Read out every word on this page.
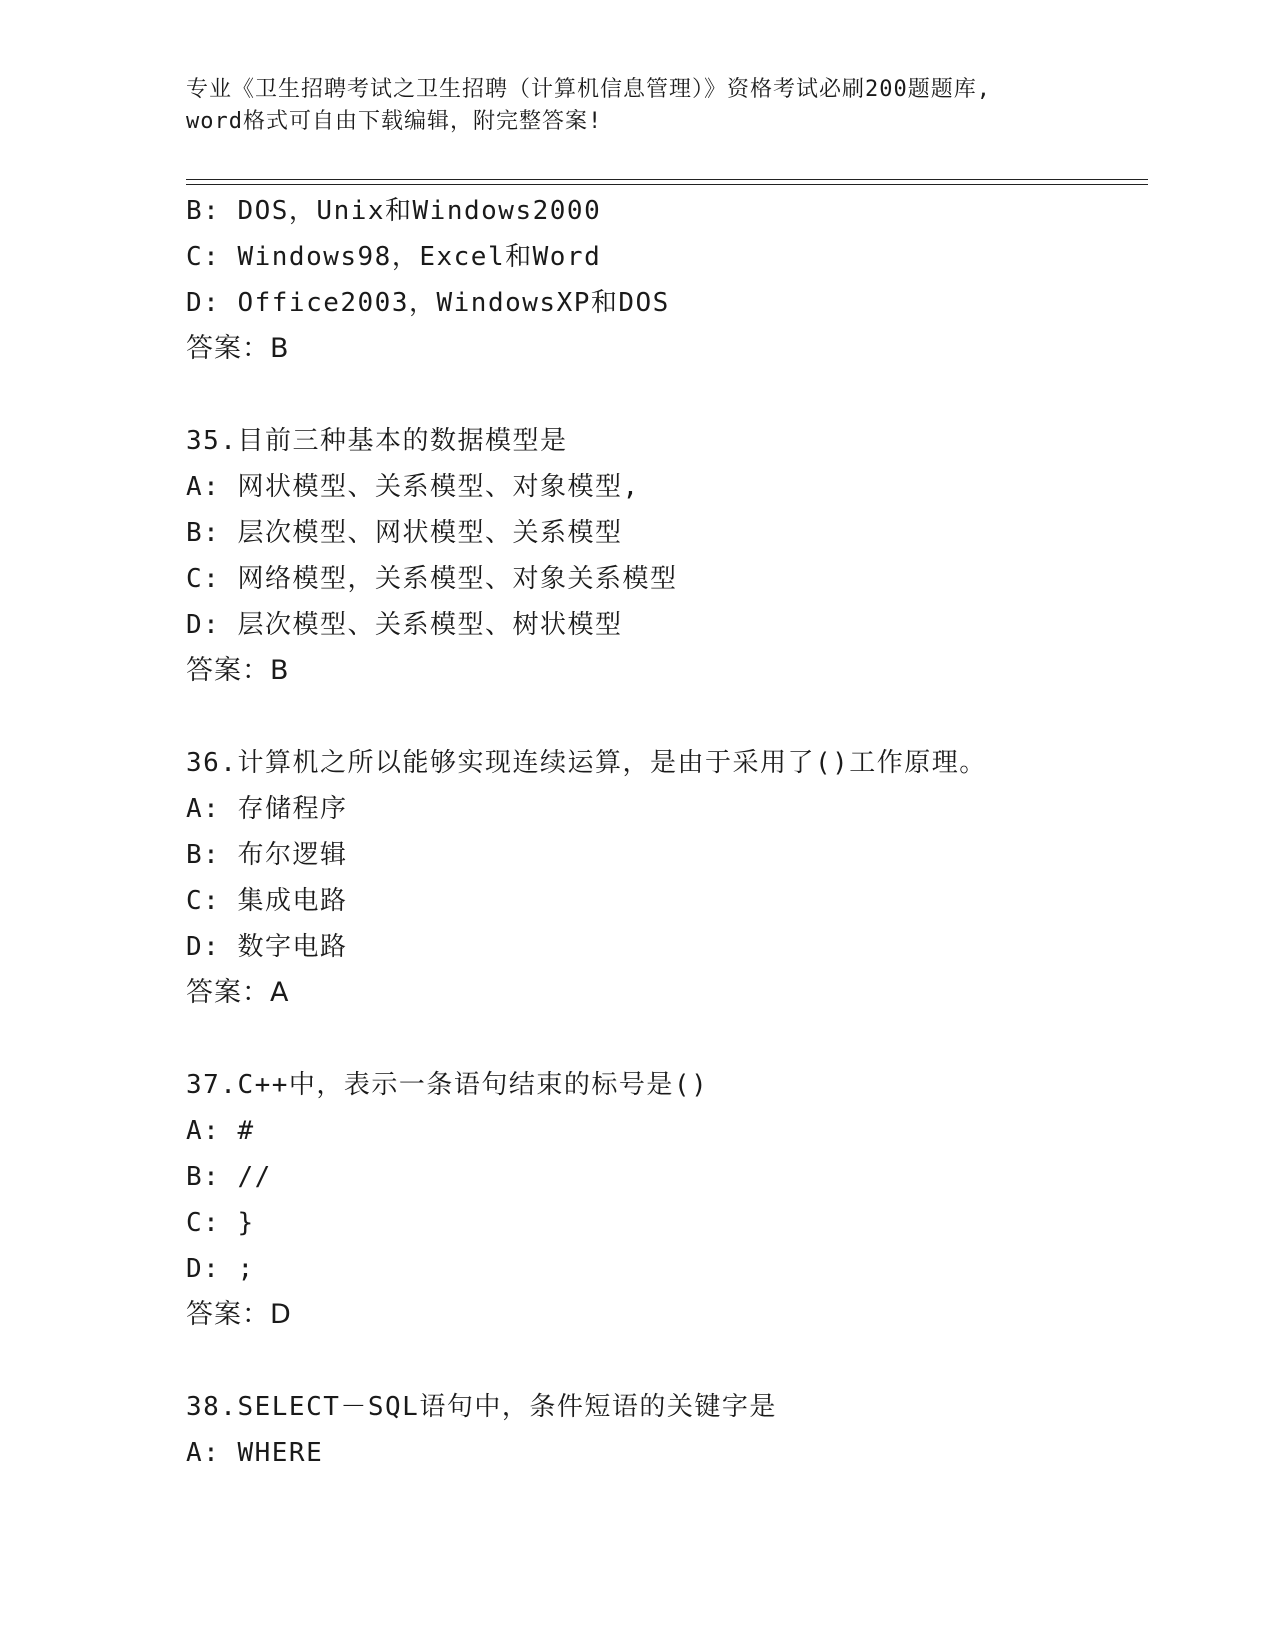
专业《卫生招聘考试之卫生招聘（计算机信息管理）》资格考试必刷200题题库,
word格式可自由下载编辑，附完整答案!
B: DOS，Unix和Windows2000
C: Windows98，Excel和Word
D: Office2003，WindowsXP和DOS
答案：B
35.目前三种基本的数据模型是
A: 网状模型、关系模型、对象模型,
B: 层次模型、网状模型、关系模型
C: 网络模型，关系模型、对象关系模型
D: 层次模型、关系模型、树状模型
答案：B
36.计算机之所以能够实现连续运算，是由于采用了()工作原理。
A: 存储程序
B: 布尔逻辑
C: 集成电路
D: 数字电路
答案：A
37.C++中，表示一条语句结束的标号是()
A: #
B: //
C: }
D: ;
答案：D
38.SELECT－SQL语句中，条件短语的关键字是
A: WHERE
